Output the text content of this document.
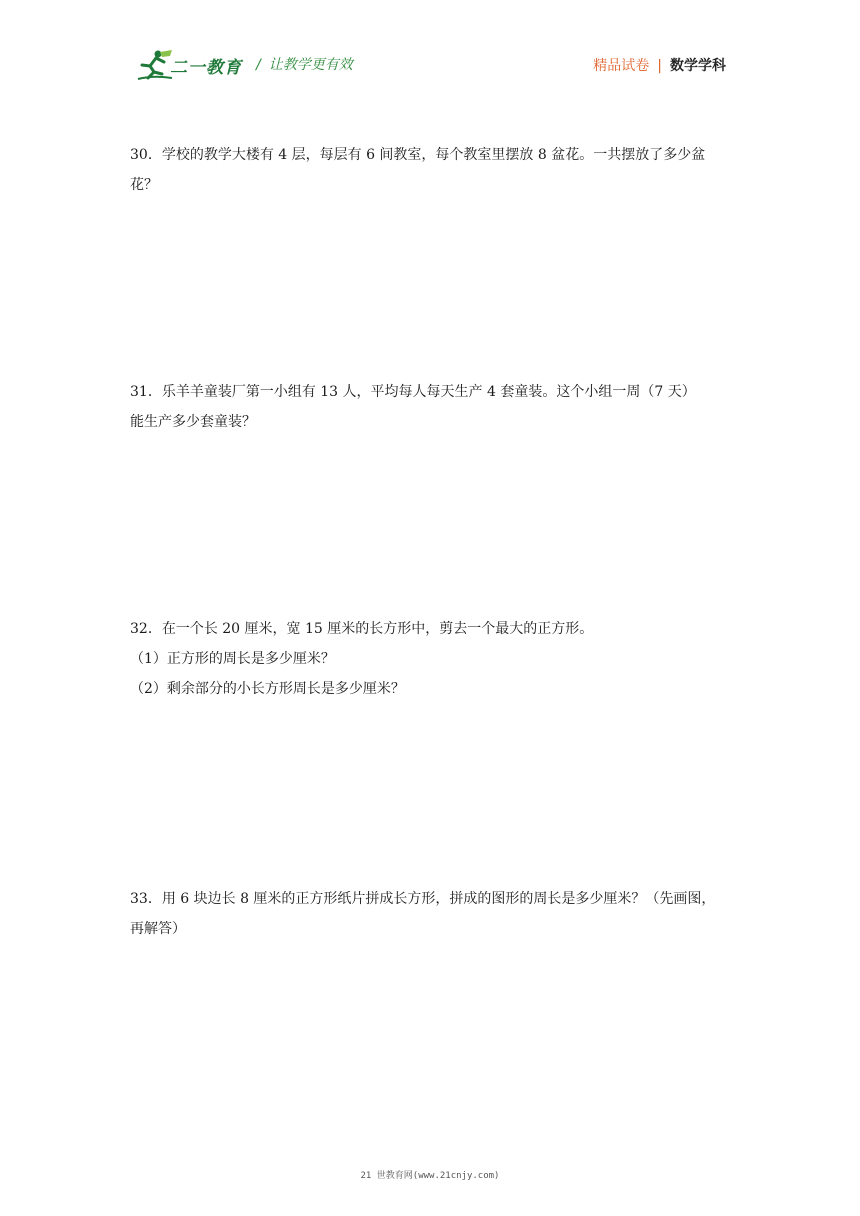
二一教育 / 让教学更有效	精品试卷 | 数学学科

30．学校的教学大楼有 4 层，每层有 6 间教室，每个教室里摆放 8 盆花。一共摆放了多少盆

花？

31．乐羊羊童装厂第一小组有 13 人，平均每人每天生产 4 套童装。这个小组一周（7 天）

能生产多少套童装？

32．在一个长 20 厘米，宽 15 厘米的长方形中，剪去一个最大的正方形。

（1）正方形的周长是多少厘米？

（2）剩余部分的小长方形周长是多少厘米？

33．用 6 块边长 8 厘米的正方形纸片拼成长方形，拼成的图形的周长是多少厘米？（先画图，

再解答）

21 世教育网(www.21cnjy.com)
